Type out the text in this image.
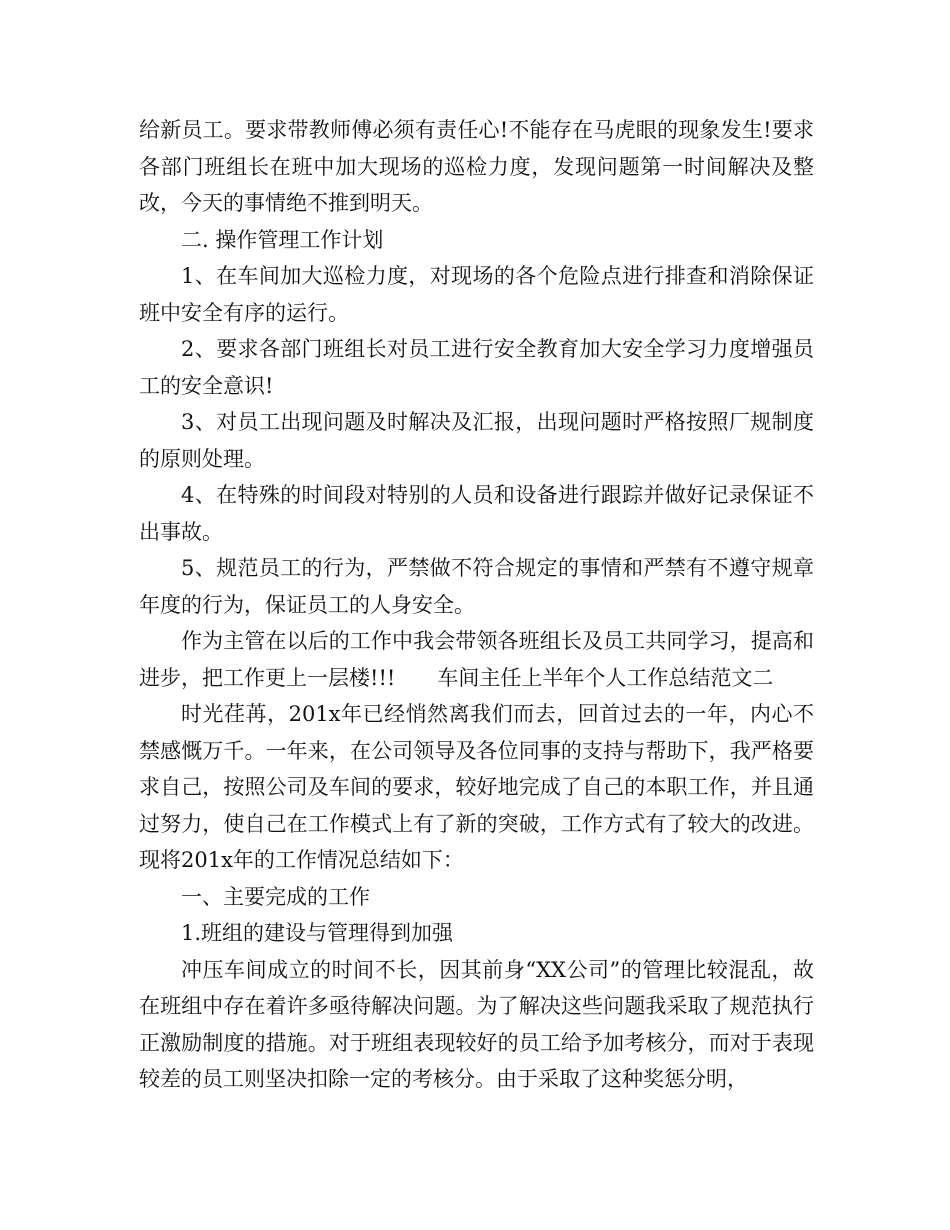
给新员工。要求带教师傅必须有责任心!不能存在马虎眼的现象发生!要求各部门班组长在班中加大现场的巡检力度，发现问题第一时间解决及整改，今天的事情绝不推到明天。

二. 操作管理工作计划

1、在车间加大巡检力度，对现场的各个危险点进行排查和消除保证班中安全有序的运行。

2、要求各部门班组长对员工进行安全教育加大安全学习力度增强员工的安全意识!

3、对员工出现问题及时解决及汇报，出现问题时严格按照厂规制度的原则处理。

4、在特殊的时间段对特别的人员和设备进行跟踪并做好记录保证不出事故。

5、规范员工的行为，严禁做不符合规定的事情和严禁有不遵守规章年度的行为，保证员工的人身安全。

作为主管在以后的工作中我会带领各班组长及员工共同学习，提高和进步，把工作更上一层楼!!!　　车间主任上半年个人工作总结范文二

时光荏苒，201x年已经悄然离我们而去，回首过去的一年，内心不禁感慨万千。一年来，在公司领导及各位同事的支持与帮助下，我严格要求自己，按照公司及车间的要求，较好地完成了自己的本职工作，并且通过努力，使自己在工作模式上有了新的突破，工作方式有了较大的改进。现将201x年的工作情况总结如下：

一、主要完成的工作

1.班组的建设与管理得到加强

冲压车间成立的时间不长，因其前身“XX公司”的管理比较混乱，故在班组中存在着许多亟待解决问题。为了解决这些问题我采取了规范执行正激励制度的措施。对于班组表现较好的员工给予加考核分，而对于表现较差的员工则坚决扣除一定的考核分。由于采取了这种奖惩分明，
